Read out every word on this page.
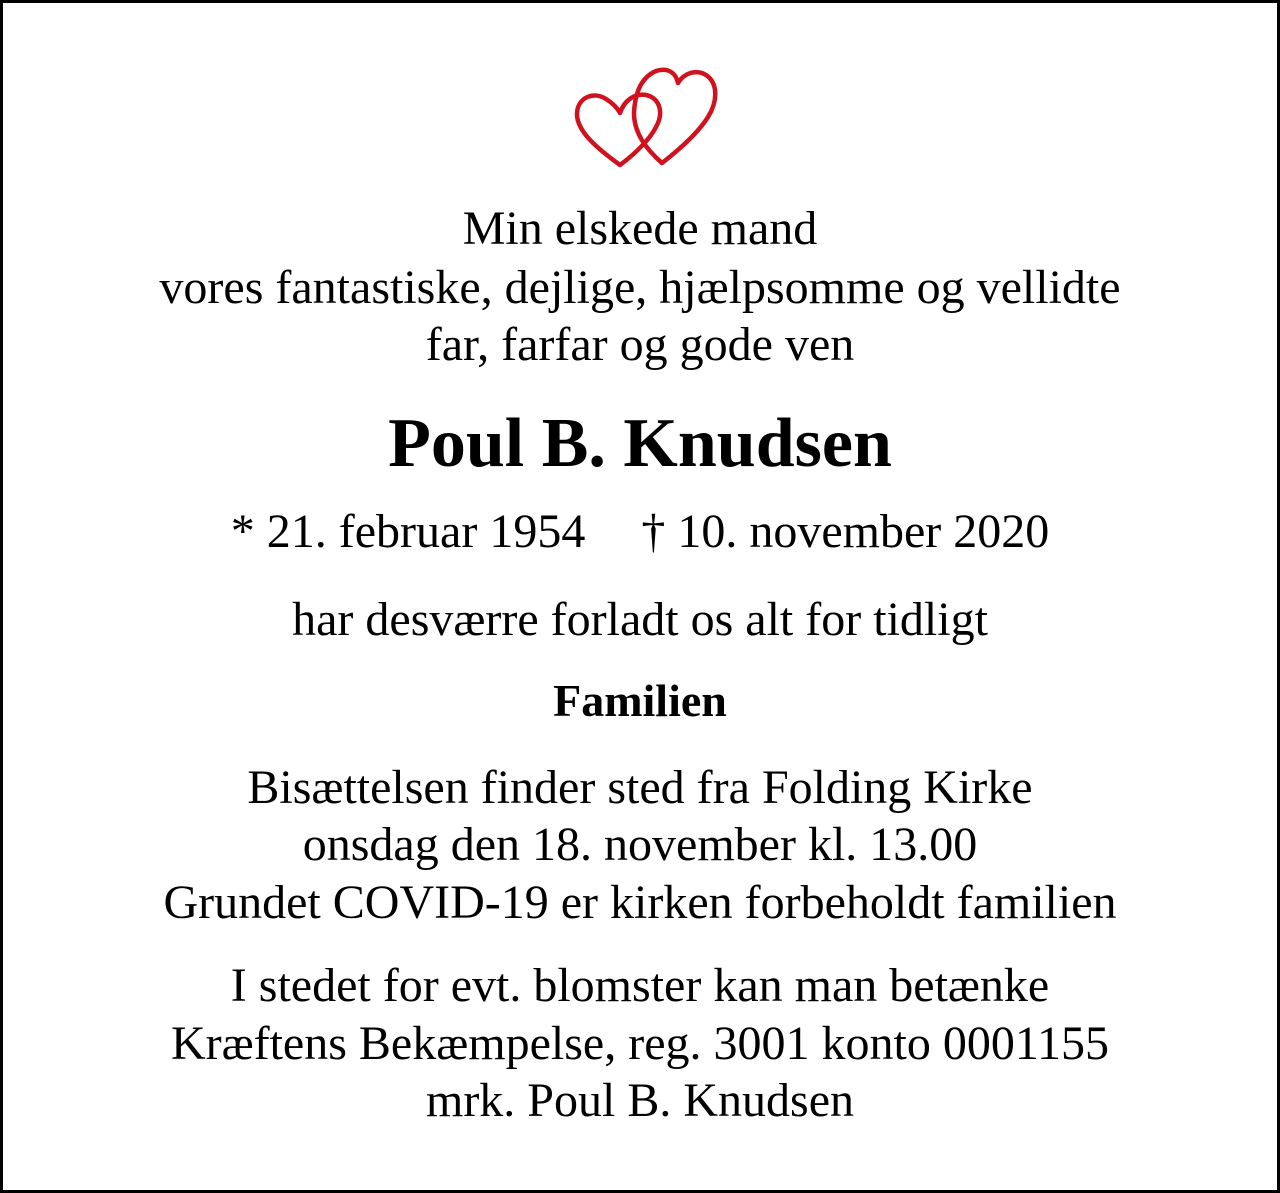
Min elskede mand
vores fantastiske, dejlige, hjælpsomme og vellidte
far, farfar og gode ven
Poul B. Knudsen
* 21. februar 1954 † 10. november 2020
har desværre forladt os alt for tidligt
Familien
Bisættelsen finder sted fra Folding Kirke
onsdag den 18. november kl. 13.00
Grundet COVID-19 er kirken forbeholdt familien
I stedet for evt. blomster kan man betænke
Kræftens Bekæmpelse, reg. 3001 konto 0001155
mrk. Poul B. Knudsen
